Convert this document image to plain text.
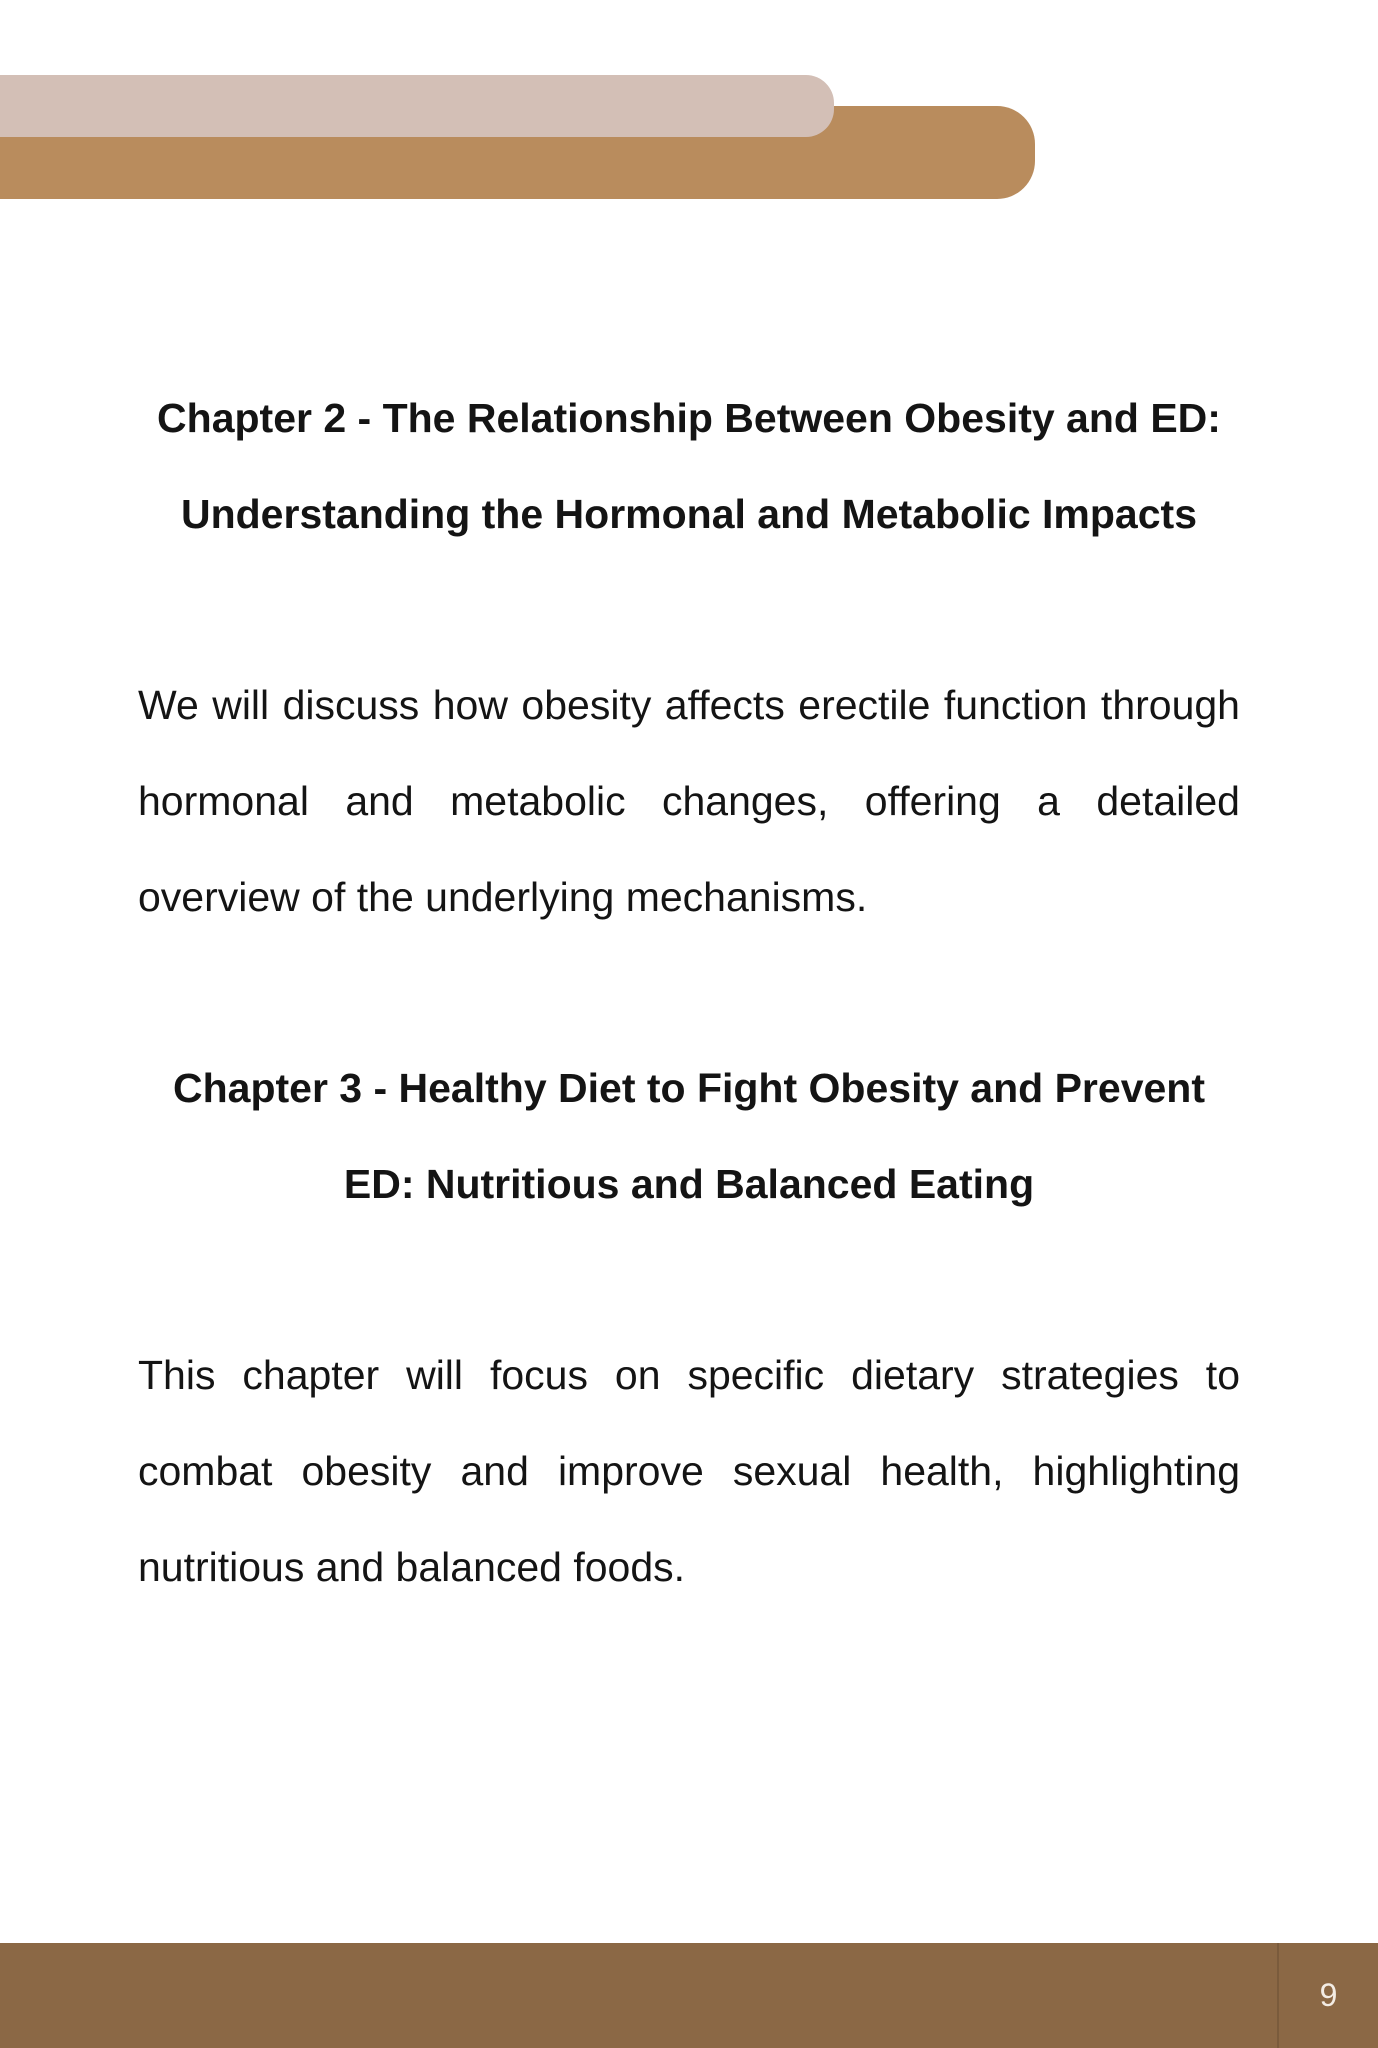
Chapter 2 - The Relationship Between Obesity and ED: Understanding the Hormonal and Metabolic Impacts

We will discuss how obesity affects erectile function through hormonal and metabolic changes, offering a detailed overview of the underlying mechanisms.

Chapter 3 - Healthy Diet to Fight Obesity and Prevent ED: Nutritious and Balanced Eating

This chapter will focus on specific dietary strategies to combat obesity and improve sexual health, highlighting nutritious and balanced foods.

9
